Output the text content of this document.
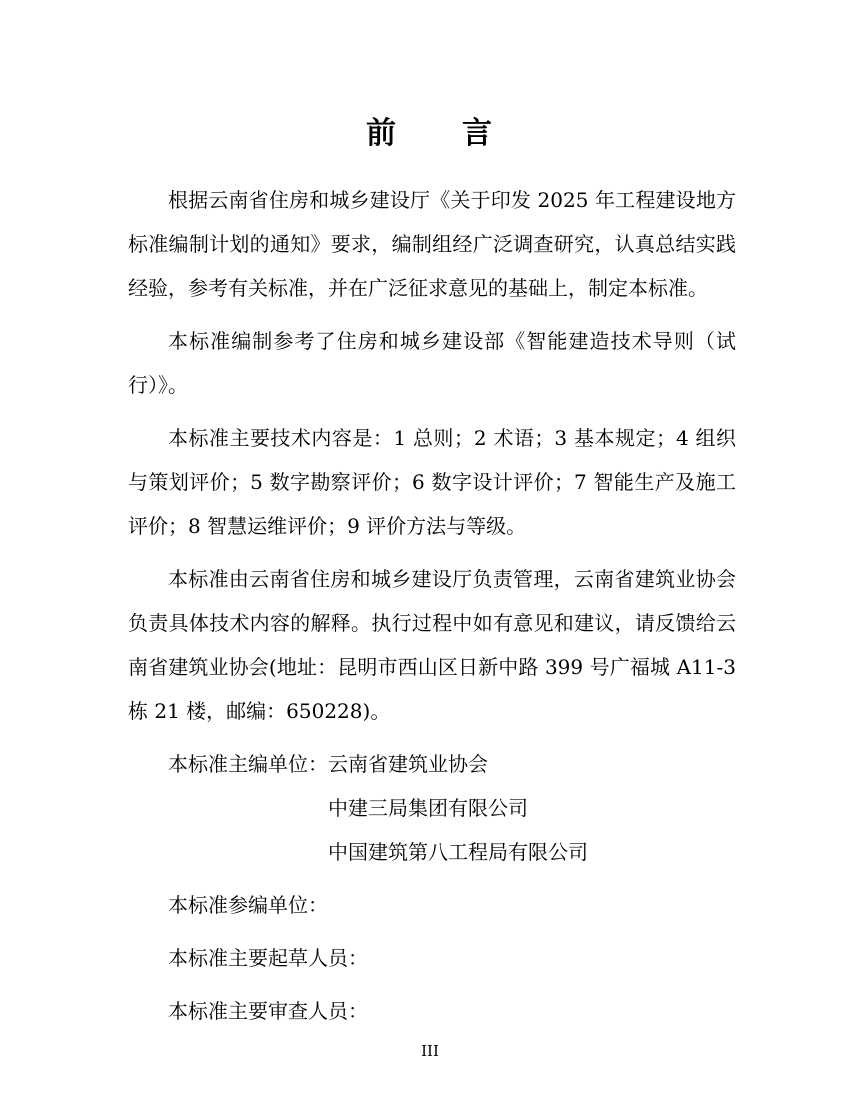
前 言

根据云南省住房和城乡建设厅《关于印发 2025 年工程建设地方标准编制计划的通知》要求，编制组经广泛调查研究，认真总结实践经验，参考有关标准，并在广泛征求意见的基础上，制定本标准。

本标准编制参考了住房和城乡建设部《智能建造技术导则（试行）》。

本标准主要技术内容是：1 总则；2 术语；3 基本规定；4 组织与策划评价；5 数字勘察评价；6 数字设计评价；7 智能生产及施工评价；8 智慧运维评价；9 评价方法与等级。

本标准由云南省住房和城乡建设厅负责管理，云南省建筑业协会负责具体技术内容的解释。执行过程中如有意见和建议，请反馈给云南省建筑业协会(地址：昆明市西山区日新中路 399 号广福城 A11-3 栋 21 楼，邮编：650228)。

本标准主编单位：云南省建筑业协会
中建三局集团有限公司
中国建筑第八工程局有限公司
本标准参编单位：
本标准主要起草人员：
本标准主要审查人员：
III
